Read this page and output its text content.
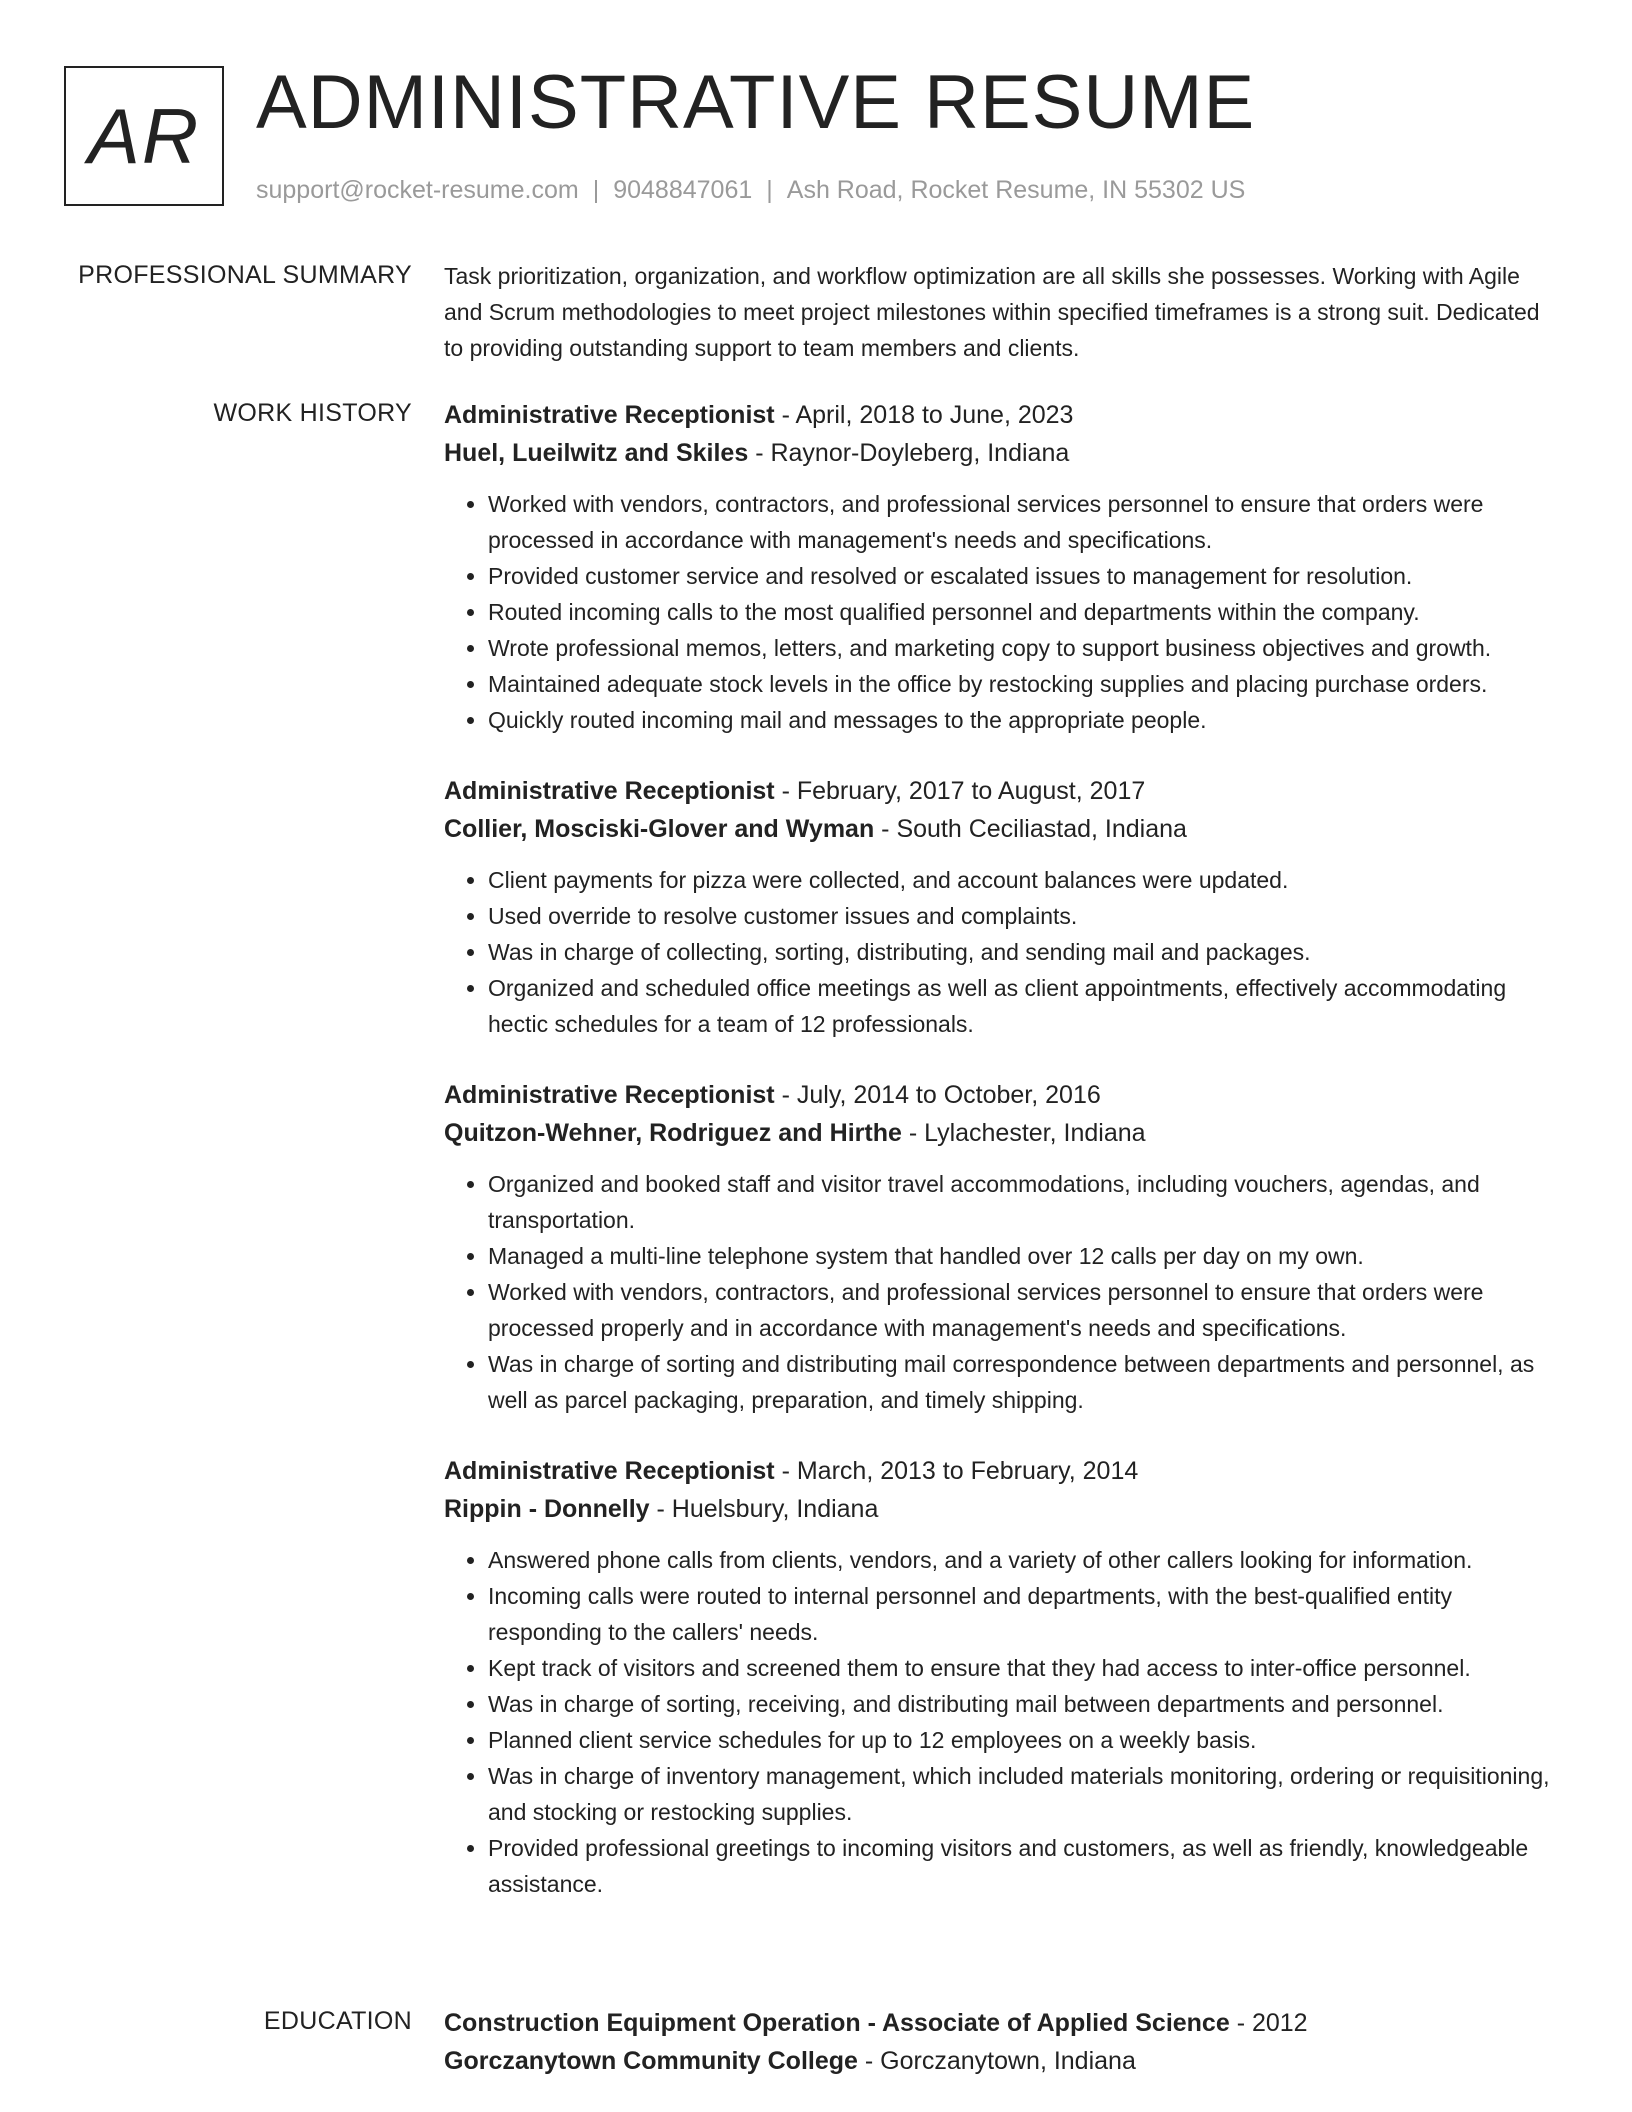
AR ADMINISTRATIVE RESUME
support@rocket-resume.com | 9048847061 | Ash Road, Rocket Resume, IN 55302 US
PROFESSIONAL SUMMARY Task prioritization, organization, and workflow optimization are all skills she possesses. Working with Agile and Scrum methodologies to meet project milestones within specified timeframes is a strong suit. Dedicated to providing outstanding support to team members and clients.

WORK HISTORY Administrative Receptionist - April, 2018 to June, 2023

Huel, Lueilwitz and Skiles - Raynor-Doyleberg, Indiana

• Worked with vendors, contractors, and professional services personnel to ensure that orders were processed in accordance with management's needs and specifications.
• Provided customer service and resolved or escalated issues to management for resolution.
• Routed incoming calls to the most qualified personnel and departments within the company.
• Wrote professional memos, letters, and marketing copy to support business objectives and growth.
• Maintained adequate stock levels in the office by restocking supplies and placing purchase orders.
• Quickly routed incoming mail and messages to the appropriate people.

Administrative Receptionist - February, 2017 to August, 2017

Collier, Mosciski-Glover and Wyman - South Ceciliastad, Indiana

• Client payments for pizza were collected, and account balances were updated.
• Used override to resolve customer issues and complaints.
• Was in charge of collecting, sorting, distributing, and sending mail and packages.
• Organized and scheduled office meetings as well as client appointments, effectively accommodating hectic schedules for a team of 12 professionals.

Administrative Receptionist - July, 2014 to October, 2016

Quitzon-Wehner, Rodriguez and Hirthe - Lylachester, Indiana

• Organized and booked staff and visitor travel accommodations, including vouchers, agendas, and transportation.
• Managed a multi-line telephone system that handled over 12 calls per day on my own.
• Worked with vendors, contractors, and professional services personnel to ensure that orders were processed properly and in accordance with management's needs and specifications.
• Was in charge of sorting and distributing mail correspondence between departments and personnel, as well as parcel packaging, preparation, and timely shipping.

Administrative Receptionist - March, 2013 to February, 2014

Rippin - Donnelly - Huelsbury, Indiana

• Answered phone calls from clients, vendors, and a variety of other callers looking for information.
• Incoming calls were routed to internal personnel and departments, with the best-qualified entity responding to the callers' needs.
• Kept track of visitors and screened them to ensure that they had access to inter-office personnel.
• Was in charge of sorting, receiving, and distributing mail between departments and personnel.
• Planned client service schedules for up to 12 employees on a weekly basis.
• Was in charge of inventory management, which included materials monitoring, ordering or requisitioning, and stocking or restocking supplies.
• Provided professional greetings to incoming visitors and customers, as well as friendly, knowledgeable assistance.
EDUCATION Construction Equipment Operation - Associate of Applied Science - 2012

Gorczanytown Community College - Gorczanytown, Indiana
